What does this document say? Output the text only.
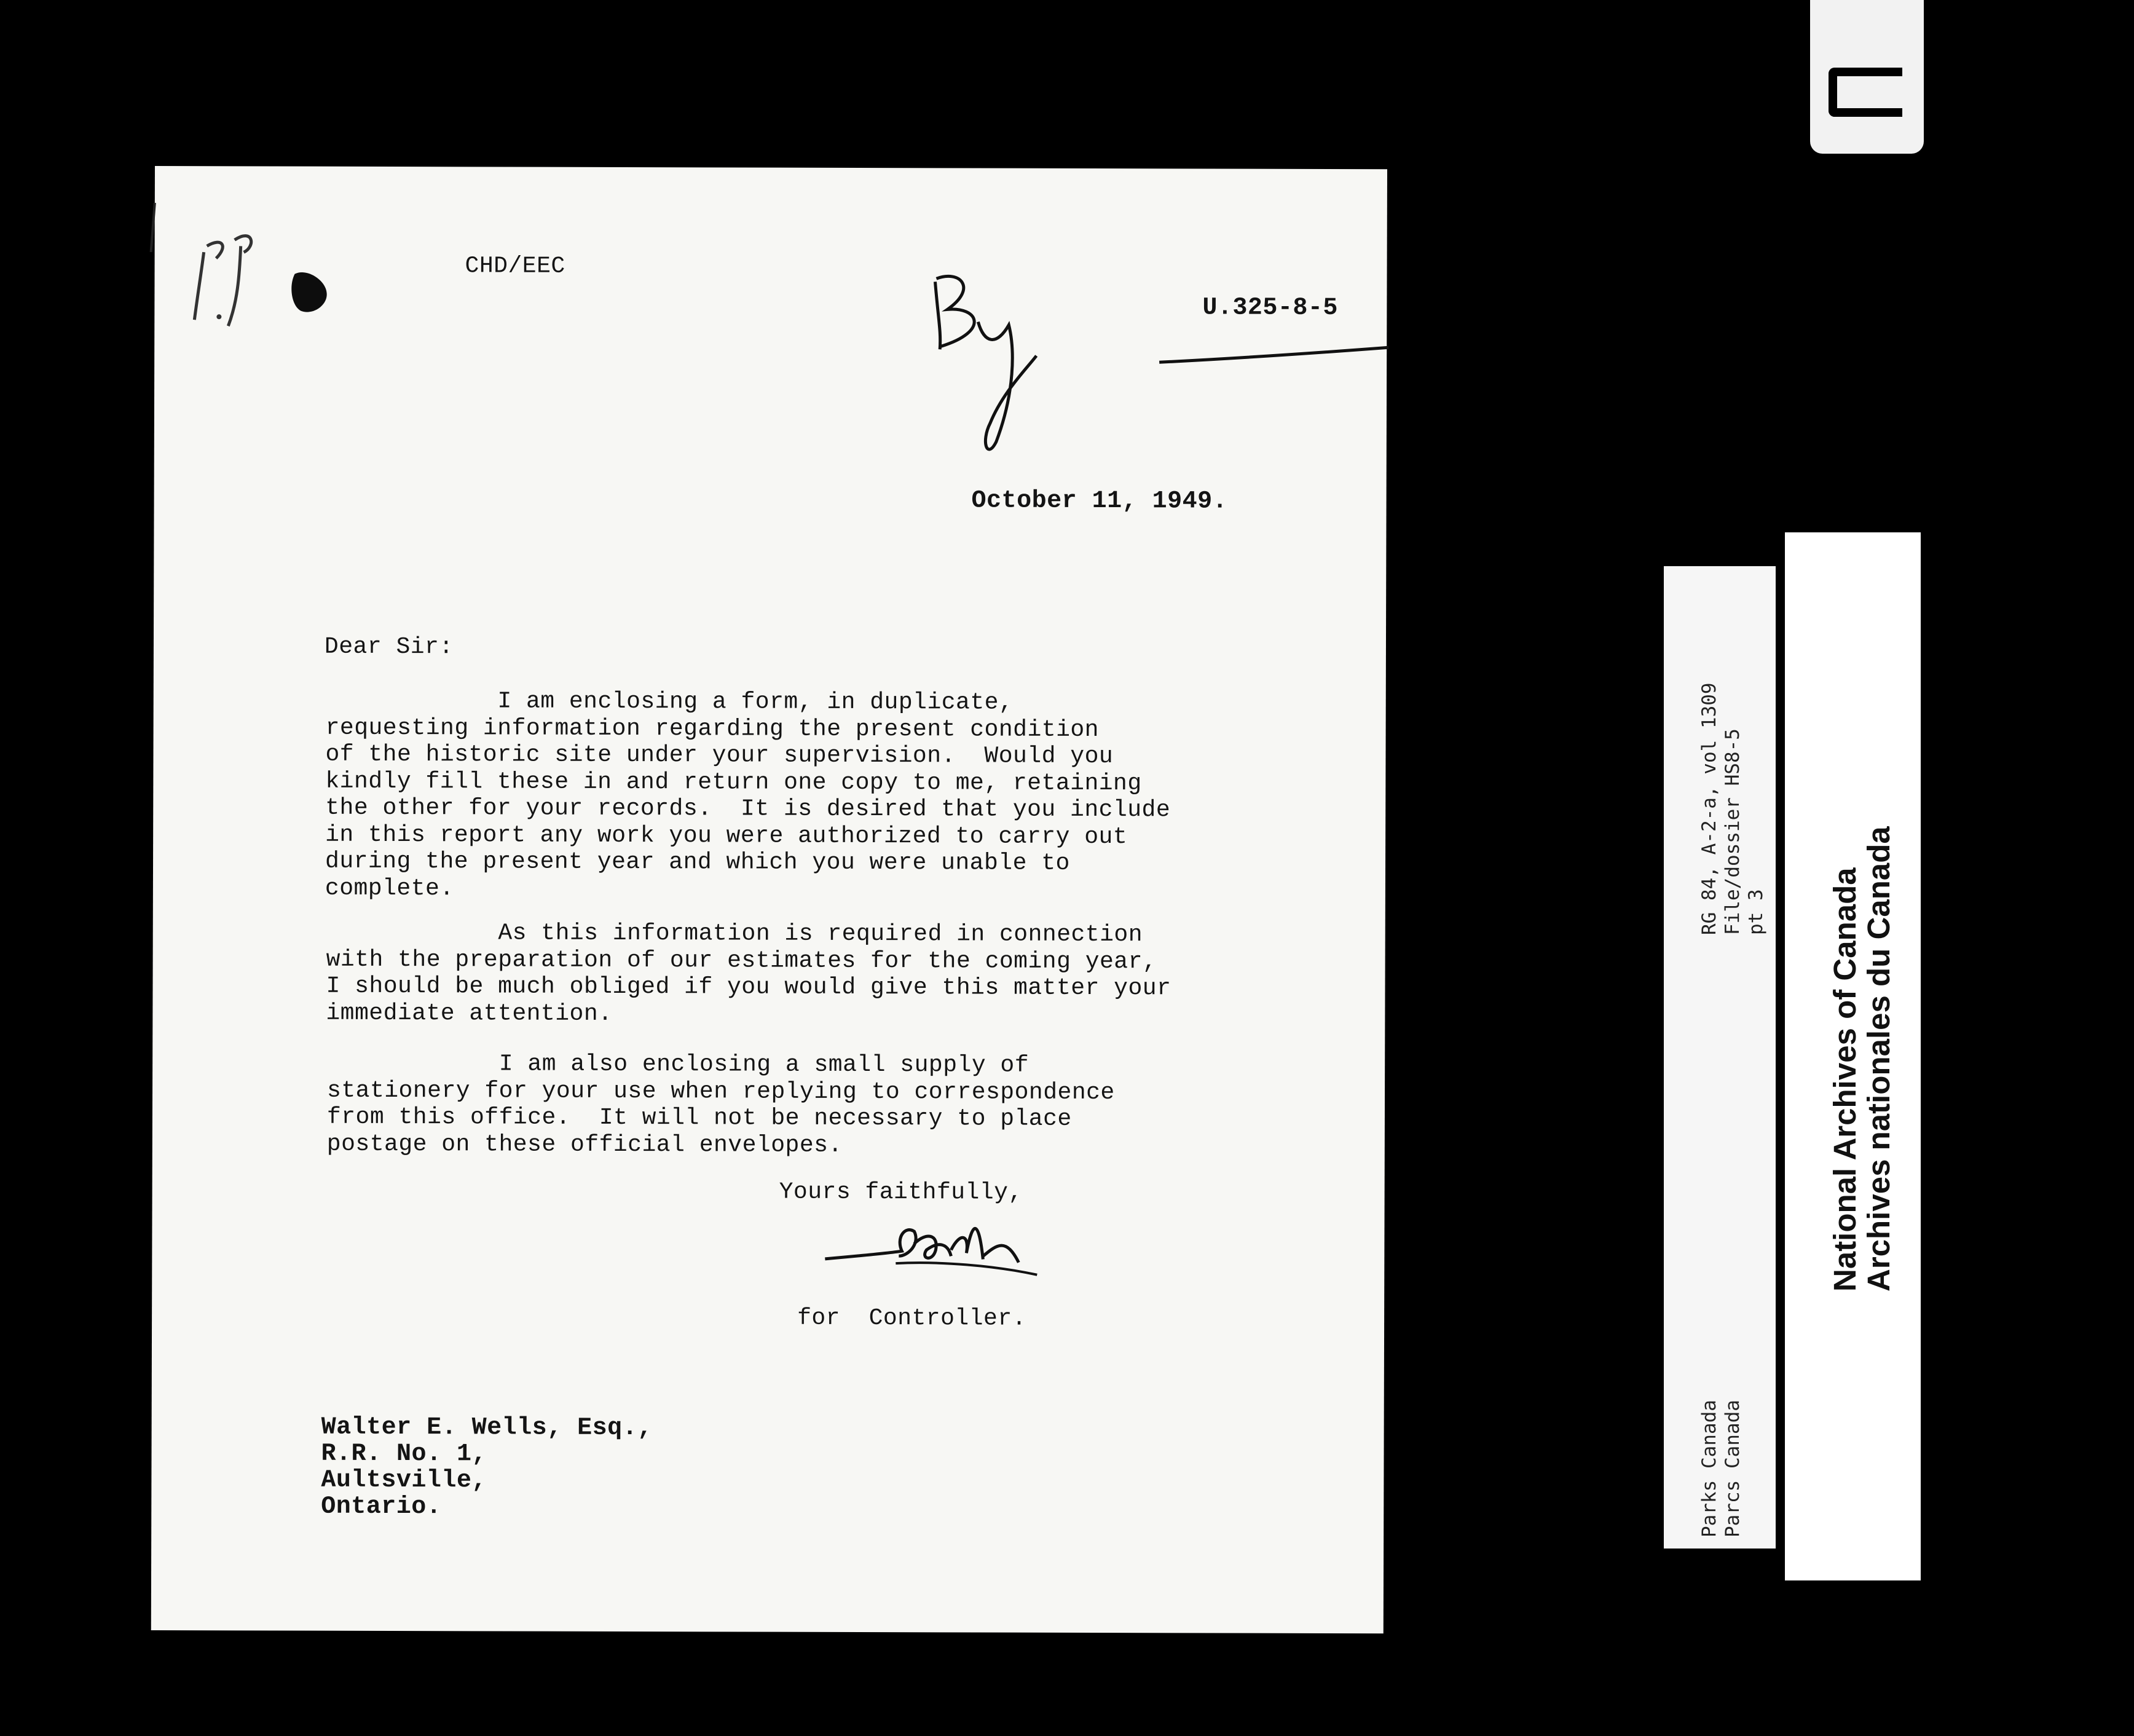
CHD/EEC
U.325-8-5
October 11, 1949.
Dear Sir:
I am enclosing a form, in duplicate,
requesting information regarding the present condition
of the historic site under your supervision.  Would you
kindly fill these in and return one copy to me, retaining
the other for your records.  It is desired that you include
in this report any work you were authorized to carry out
during the present year and which you were unable to
complete.
As this information is required in connection
with the preparation of our estimates for the coming year,
I should be much obliged if you would give this matter your
immediate attention.
I am also enclosing a small supply of
stationery for your use when replying to correspondence
from this office.  It will not be necessary to place
postage on these official envelopes.
Yours faithfully,
for  Controller.
Walter E. Wells, Esq.,
R.R. No. 1,
Aultsville,
Ontario.
RG 84, A-2-a, vol 1309
File/dossier HS8-5
pt 3
Parks Canada
Parcs Canada
National Archives of Canada
Archives nationales du Canada
